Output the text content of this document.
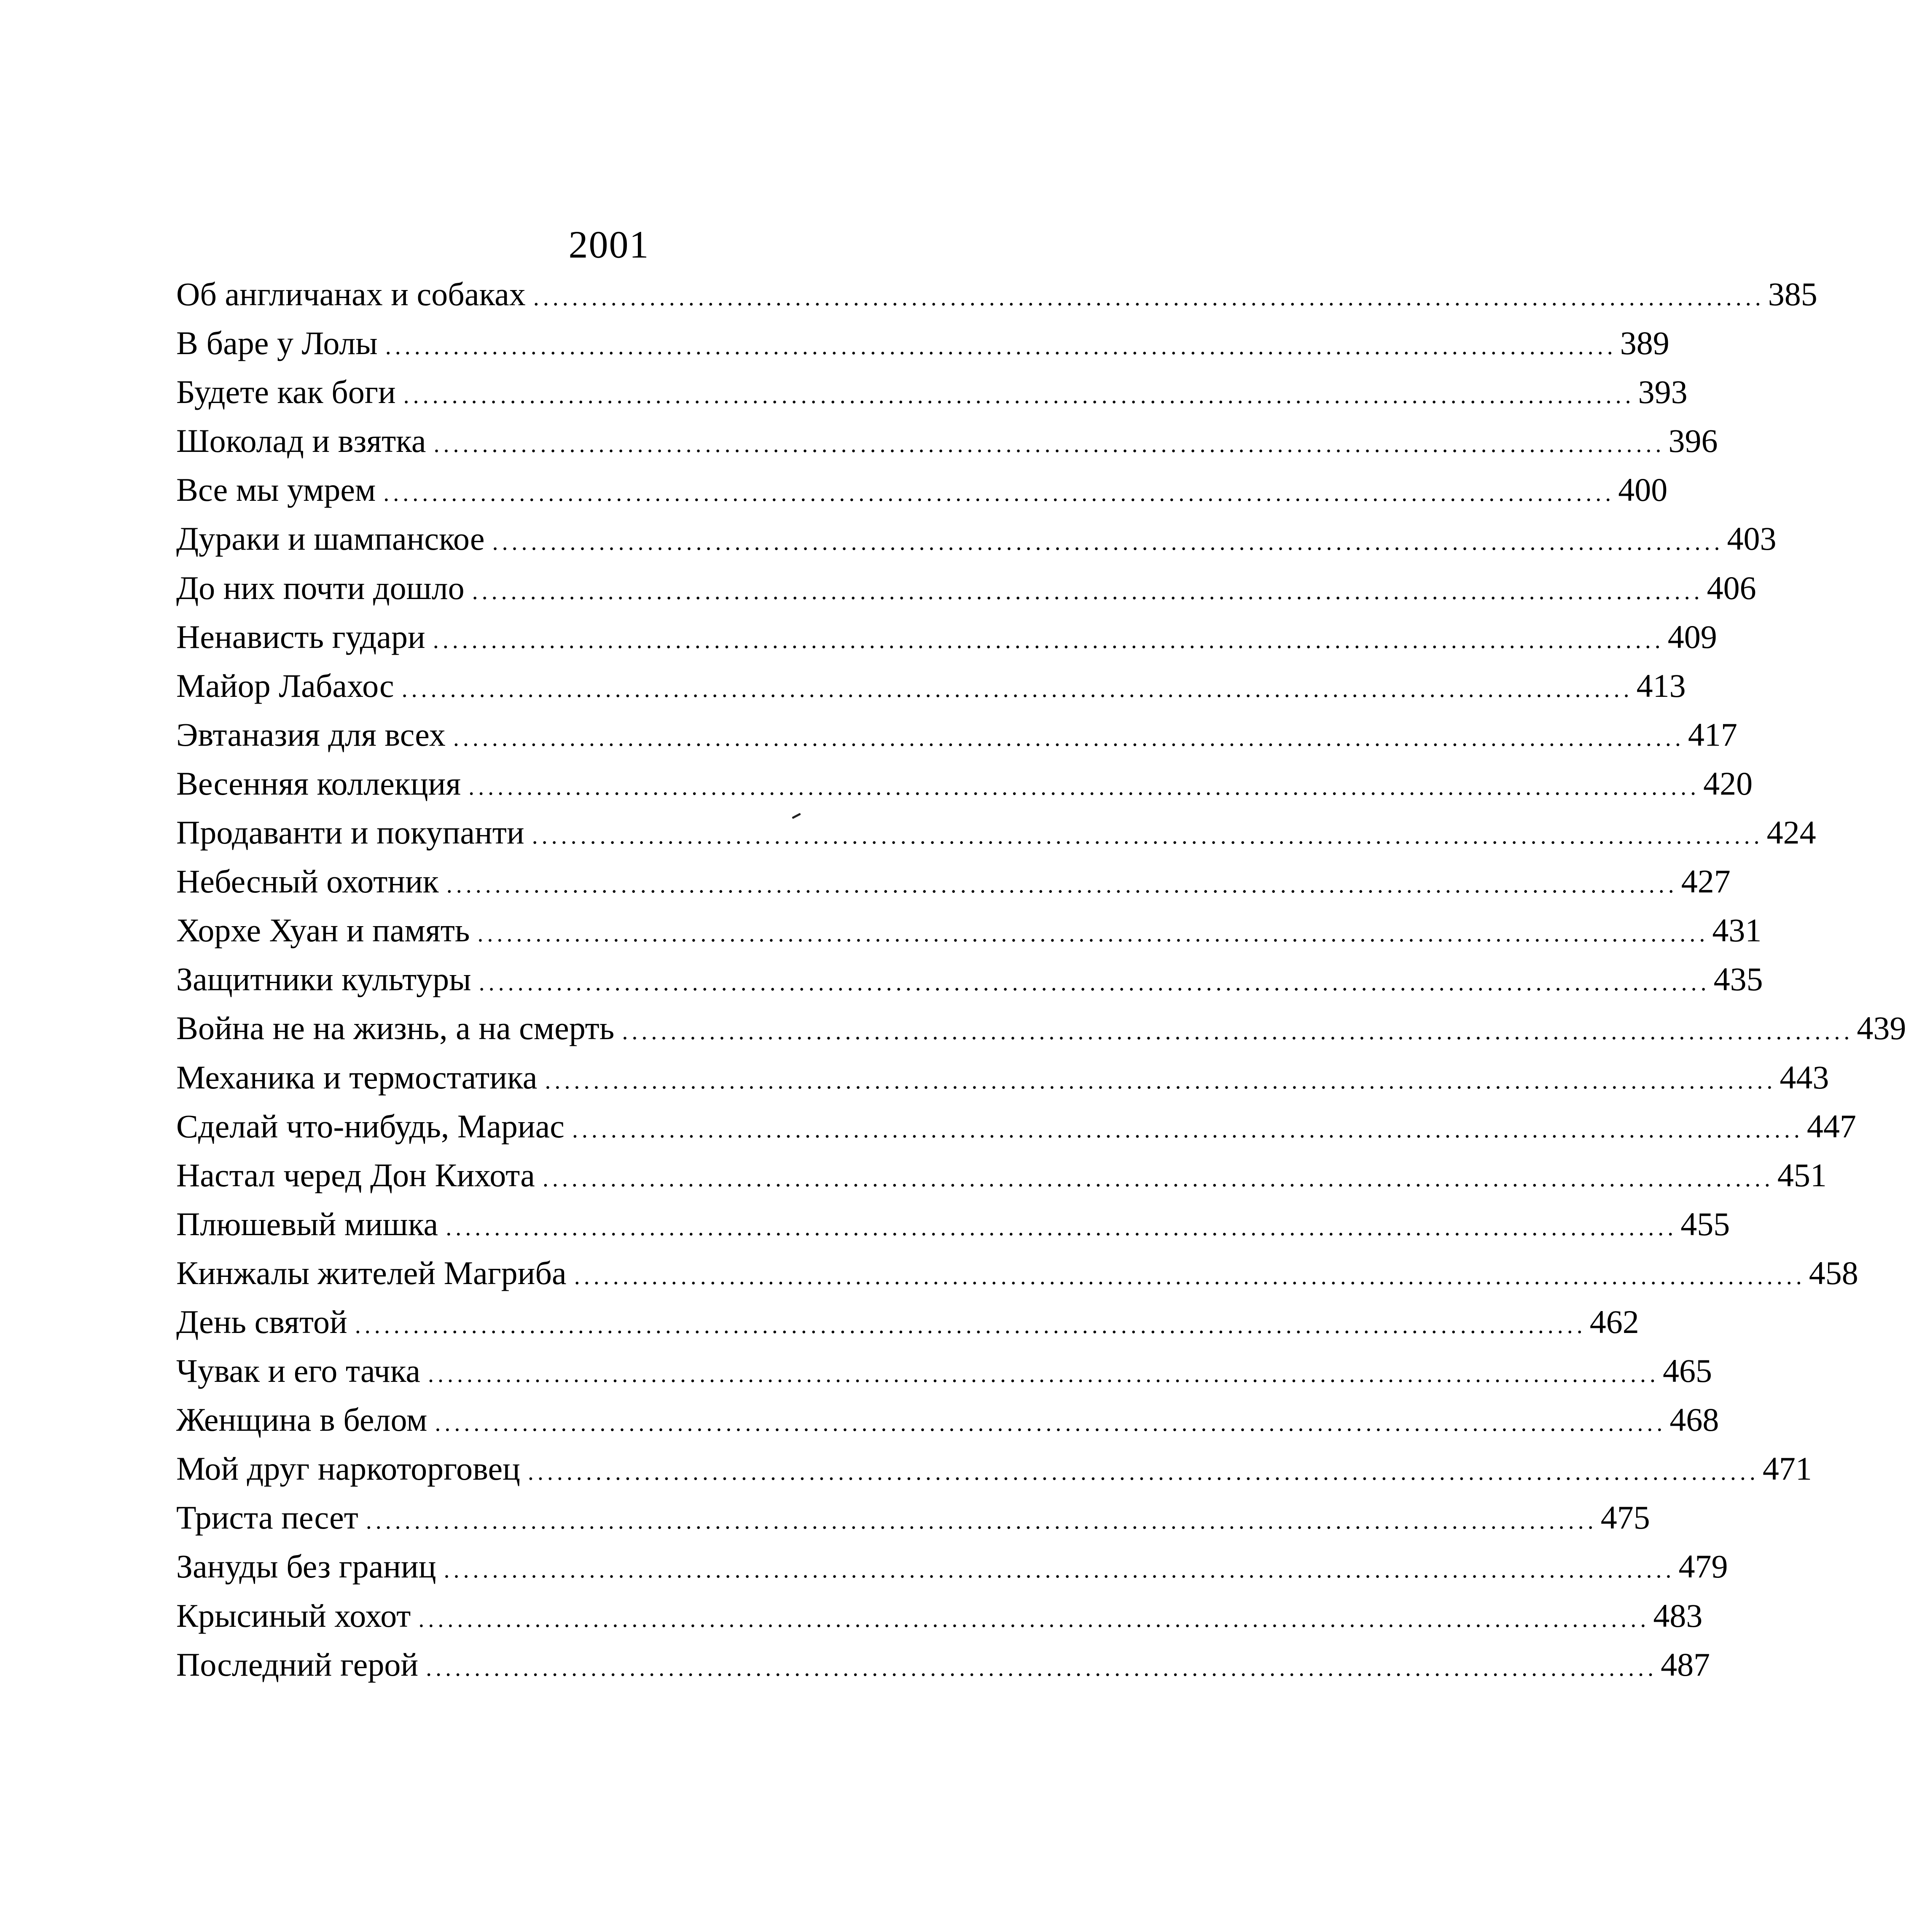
2001
Об англичанах и собаках ............................................................................................................................... 385
В баре у Лолы ............................................................................................................................... 389
Будете как боги ............................................................................................................................... 393
Шоколад и взятка ............................................................................................................................... 396
Все мы умрем ............................................................................................................................... 400
Дураки и шампанское ............................................................................................................................... 403
До них почти дошло ............................................................................................................................... 406
Ненависть гудари ............................................................................................................................... 409
Майор Лабахос ............................................................................................................................... 413
Эвтаназия для всех ............................................................................................................................... 417
Весенняя коллекция ............................................................................................................................... 420
Продаванти и покупанти ............................................................................................................................... 424
Небесный охотник ............................................................................................................................... 427
Хорхе Хуан и память ............................................................................................................................... 431
Защитники культуры ............................................................................................................................... 435
Война не на жизнь, а на смерть ............................................................................................................................... 439
Механика и термостатика ............................................................................................................................... 443
Сделай что-нибудь, Мариас ............................................................................................................................... 447
Настал черед Дон Кихота ............................................................................................................................... 451
Плюшевый мишка ............................................................................................................................... 455
Кинжалы жителей Магриба ............................................................................................................................... 458
День святой ............................................................................................................................... 462
Чувак и его тачка ............................................................................................................................... 465
Женщина в белом ............................................................................................................................... 468
Мой друг наркоторговец ............................................................................................................................... 471
Триста песет ............................................................................................................................... 475
Зануды без границ ............................................................................................................................... 479
Крысиный хохот ............................................................................................................................... 483
Последний герой ............................................................................................................................... 487
